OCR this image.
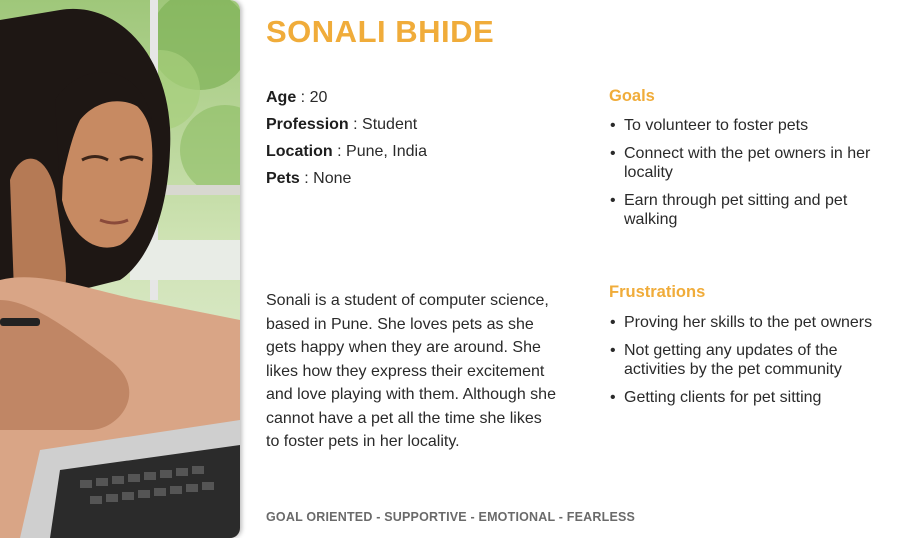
SONALI BHIDE
Age : 20
Profession : Student
Location : Pune, India
Pets : None

Sonali is a student of computer science, based in Pune. She loves pets as she gets happy when they are around. She likes how they express their excitement and love playing with them. Although she cannot have a pet all the time she likes to foster pets in her locality.

Goals
• To volunteer to foster pets
• Connect with the pet owners in her locality
• Earn through pet sitting and pet walking
Frustrations
• Proving her skills to the pet owners
• Not getting any updates of the activities by the pet community
• Getting clients for pet sitting
GOAL ORIENTED - SUPPORTIVE - EMOTIONAL - FEARLESS
